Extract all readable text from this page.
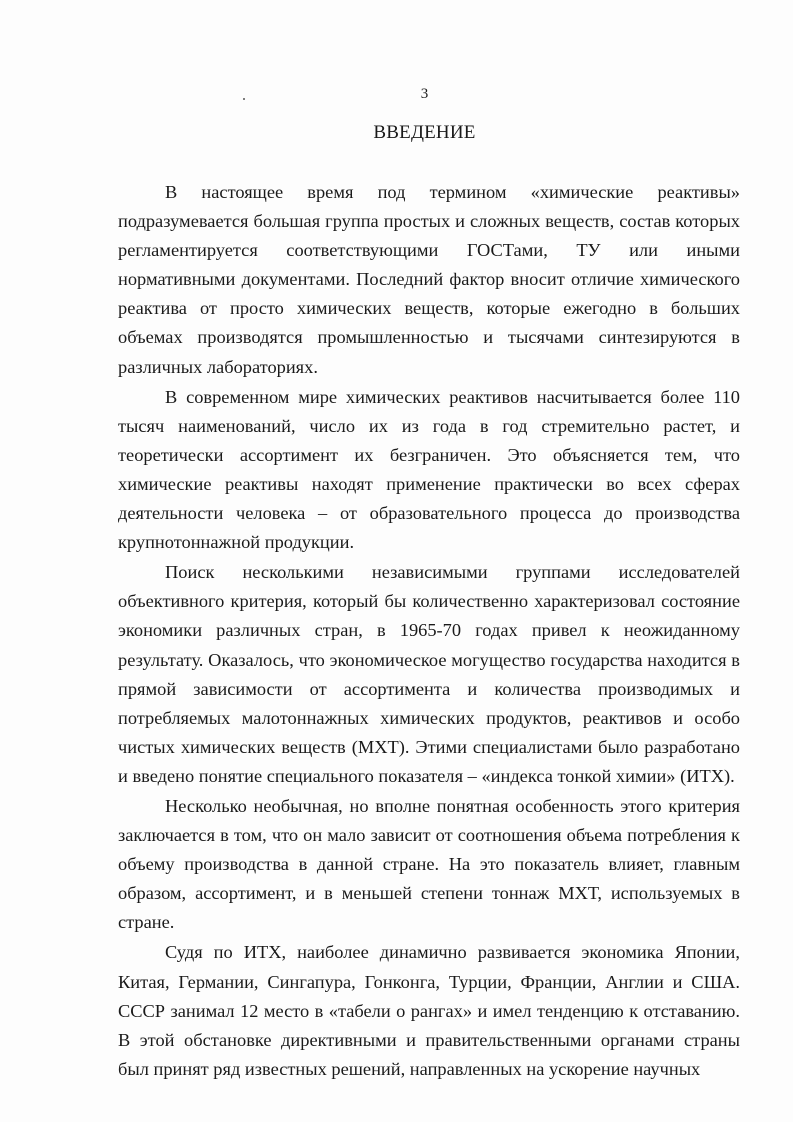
3
ВВЕДЕНИЕ

В настоящее время под термином «химические реактивы» подразумевается большая группа простых и сложных веществ, состав которых регламентируется соответствующими ГОСТами, ТУ или иными нормативными документами. Последний фактор вносит отличие химического реактива от просто химических веществ, которые ежегодно в больших объемах производятся промышленностью и тысячами синтезируются в различных лабораториях.

В современном мире химических реактивов насчитывается более 110 тысяч наименований, число их из года в год стремительно растет, и теоретически ассортимент их безграничен. Это объясняется тем, что химические реактивы находят применение практически во всех сферах деятельности человека – от образовательного процесса до производства крупнотоннажной продукции.

Поиск несколькими независимыми группами исследователей объективного критерия, который бы количественно характеризовал состояние экономики различных стран, в 1965-70 годах привел к неожиданному результату. Оказалось, что экономическое могущество государства находится в прямой зависимости от ассортимента и количества производимых и потребляемых малотоннажных химических продуктов, реактивов и особо чистых химических веществ (МХТ). Этими специалистами было разработано и введено понятие специального показателя – «индекса тонкой химии» (ИТХ).

Несколько необычная, но вполне понятная особенность этого критерия заключается в том, что он мало зависит от соотношения объема потребления к объему производства в данной стране. На это показатель влияет, главным образом, ассортимент, и в меньшей степени тоннаж МХТ, используемых в стране.

Судя по ИТХ, наиболее динамично развивается экономика Японии, Китая, Германии, Сингапура, Гонконга, Турции, Франции, Англии и США. СССР занимал 12 место в «табели о рангах» и имел тенденцию к отставанию. В этой обстановке директивными и правительственными органами страны был принят ряд известных решений, направленных на ускорение научных
